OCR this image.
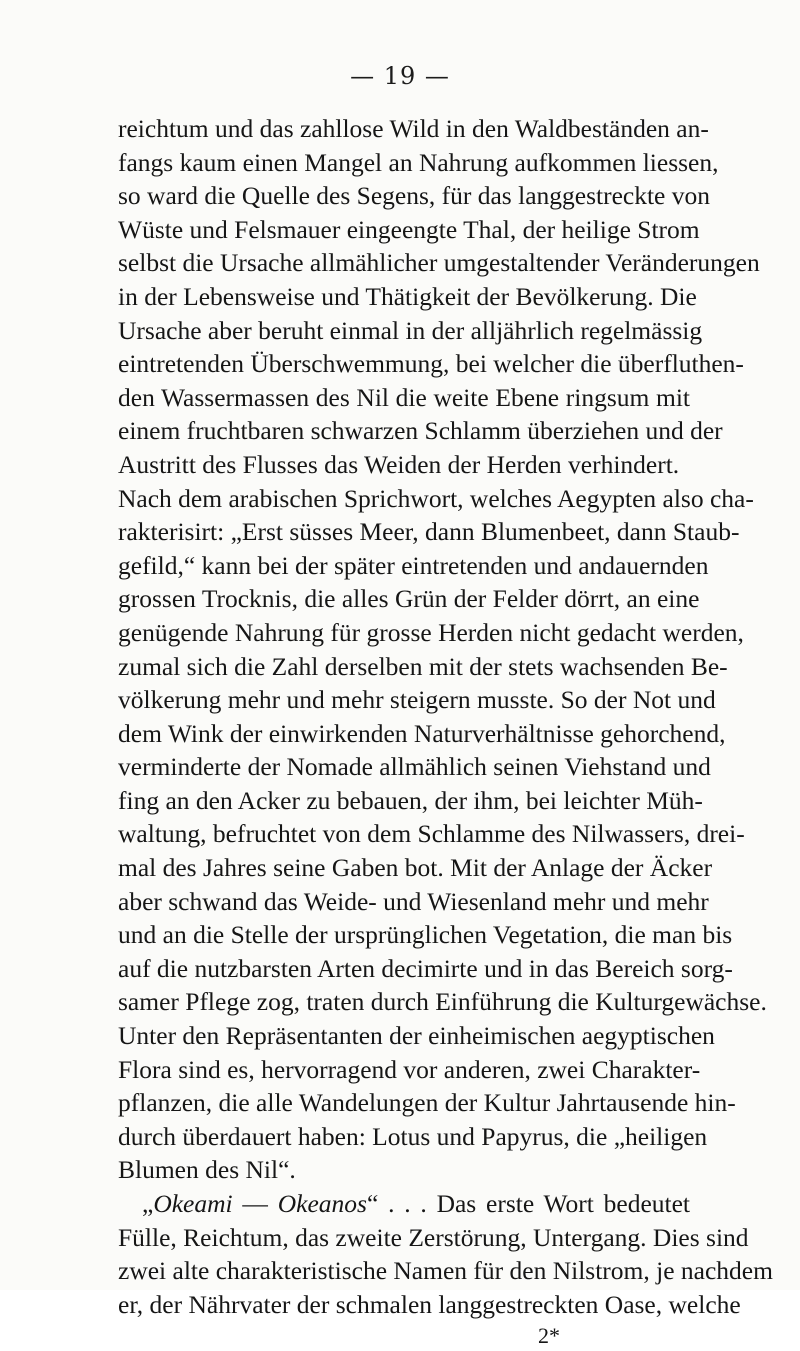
— 19 —
reichtum und das zahllose Wild in den Waldbeständen an-
fangs kaum einen Mangel an Nahrung aufkommen liessen,
so ward die Quelle des Segens, für das langgestreckte von
Wüste und Felsmauer eingeengte Thal, der heilige Strom
selbst die Ursache allmählicher umgestaltender Veränderungen
in der Lebensweise und Thätigkeit der Bevölkerung. Die
Ursache aber beruht einmal in der alljährlich regelmässig
eintretenden Überschwemmung, bei welcher die überfluthen-
den Wassermassen des Nil die weite Ebene ringsum mit
einem fruchtbaren schwarzen Schlamm überziehen und der
Austritt des Flusses das Weiden der Herden verhindert.
Nach dem arabischen Sprichwort, welches Aegypten also cha-
rakterisirt: „Erst süsses Meer, dann Blumenbeet, dann Staub-
gefild,“ kann bei der später eintretenden und andauernden
grossen Trocknis, die alles Grün der Felder dörrt, an eine
genügende Nahrung für grosse Herden nicht gedacht werden,
zumal sich die Zahl derselben mit der stets wachsenden Be-
völkerung mehr und mehr steigern musste. So der Not und
dem Wink der einwirkenden Naturverhältnisse gehorchend,
verminderte der Nomade allmählich seinen Viehstand und
fing an den Acker zu bebauen, der ihm, bei leichter Müh-
waltung, befruchtet von dem Schlamme des Nilwassers, drei-
mal des Jahres seine Gaben bot. Mit der Anlage der Äcker
aber schwand das Weide- und Wiesenland mehr und mehr
und an die Stelle der ursprünglichen Vegetation, die man bis
auf die nutzbarsten Arten decimirte und in das Bereich sorg-
samer Pflege zog, traten durch Einführung die Kulturgewächse.
Unter den Repräsentanten der einheimischen aegyptischen
Flora sind es, hervorragend vor anderen, zwei Charakter-
pflanzen, die alle Wandelungen der Kultur Jahrtausende hin-
durch überdauert haben: Lotus und Papyrus, die „heiligen
Blumen des Nil“.
„Okeami — Okeanos“ . . . Das erste Wort bedeutet
Fülle, Reichtum, das zweite Zerstörung, Untergang. Dies sind
zwei alte charakteristische Namen für den Nilstrom, je nachdem
er, der Nährvater der schmalen langgestreckten Oase, welche
2*
